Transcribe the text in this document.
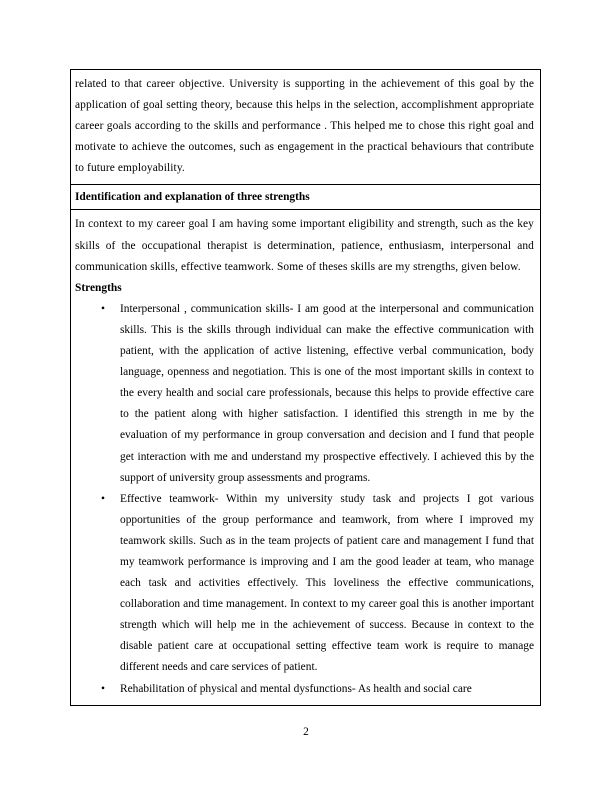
related to that career objective. University is supporting in the achievement of this goal by the application of goal setting theory, because this helps in the selection, accomplishment appropriate career goals according to the skills and performance . This helped me to chose this right goal and motivate to achieve the outcomes, such as engagement in the practical behaviours that contribute to future employability.

Identification and explanation of three strengths

In context to my career goal I am having some important eligibility and strength, such as the key skills of the occupational therapist is determination, patience, enthusiasm, interpersonal and communication skills, effective teamwork. Some of theses skills are my strengths, given below.

Strengths

• Interpersonal , communication skills- I am good at the interpersonal and communication skills. This is the skills through individual can make the effective communication with patient, with the application of active listening, effective verbal communication, body language, openness and negotiation. This is one of the most important skills in context to the every health and social care professionals, because this helps to provide effective care to the patient along with higher satisfaction. I identified this strength in me by the evaluation of my performance in group conversation and decision and I fund that people get interaction with me and understand my prospective effectively. I achieved this by the support of university group assessments and programs.
• Effective teamwork- Within my university study task and projects I got various opportunities of the group performance and teamwork, from where I improved my teamwork skills. Such as in the team projects of patient care and management I fund that my teamwork performance is improving and I am the good leader at team, who manage each task and activities effectively. This loveliness the effective communications, collaboration and time management. In context to my career goal this is another important strength which will help me in the achievement of success. Because in context to the disable patient care at occupational setting effective team work is require to manage different needs and care services of patient.
• Rehabilitation of physical and mental dysfunctions- As health and social care
2
